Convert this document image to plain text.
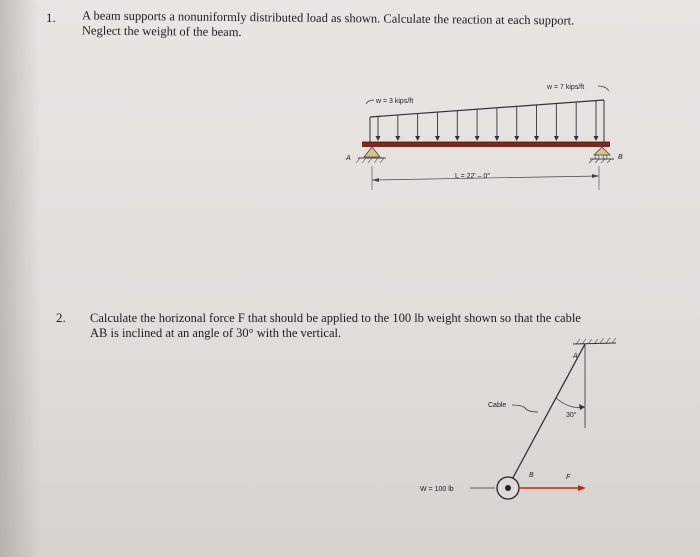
1. A beam supports a nonuniformly distributed load as shown. Calculate the reaction at each support.
Neglect the weight of the beam.
2. Calculate the horizonal force F that should be applied to the 100 lb weight shown so that the cable
AB is inclined at an angle of 30° with the vertical.
w = 3 kips/ft
w = 7 kips/ft
A	B
L = 22′ – 0″
30°
A
Cable
B	F
W = 100 lb
